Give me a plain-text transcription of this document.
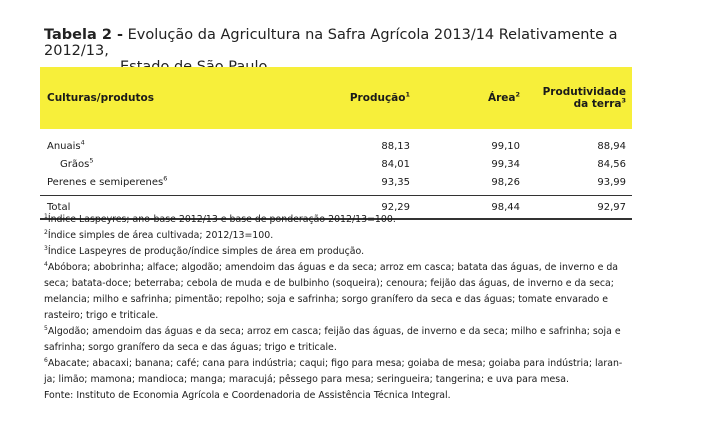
Tabela 2 - Evolução da Agricultura na Safra Agrícola 2013/14 Relativamente a 2012/13,
Estado de São Paulo
Culturas/produtos	Produção$^1$	Área$^2$	Produtividade
da terra$^3$
Anuais$^4$	88,13	99,10	88,94
Grãos$^5$	84,01	99,34	84,56
Perenes e semiperenes$^6$	93,35	98,26	93,99

Total	92,29	98,44	92,97

$^1$Índice Laspeyres; ano-base 2012/13 e base de ponderação 2012/13=100.

$^2$Índice simples de área cultivada; 2012/13=100.

$^3$Índice Laspeyres de produção/índice simples de área em produção.

$^4$Abóbora; abobrinha; alface; algodão; amendoim das águas e da seca; arroz em casca; batata das águas, de inverno e da

seca; batata-doce; beterraba; cebola de muda e de bulbinho (soqueira); cenoura; feijão das águas, de inverno e da seca;

melancia; milho e safrinha; pimentão; repolho; soja e safrinha; sorgo granífero da seca e das águas; tomate envarado e

rasteiro; trigo e triticale.

$^5$Algodão; amendoim das águas e da seca; arroz em casca; feijão das águas, de inverno e da seca; milho e safrinha; soja e

safrinha; sorgo granífero da seca e das águas; trigo e triticale.

$^6$Abacate; abacaxi; banana; café; cana para indústria; caqui; figo para mesa; goiaba de mesa; goiaba para indústria; laran-

ja; limão; mamona; mandioca; manga; maracujá; pêssego para mesa; seringueira; tangerina; e uva para mesa.

Fonte: Instituto de Economia Agrícola e Coordenadoria de Assistência Técnica Integral.
